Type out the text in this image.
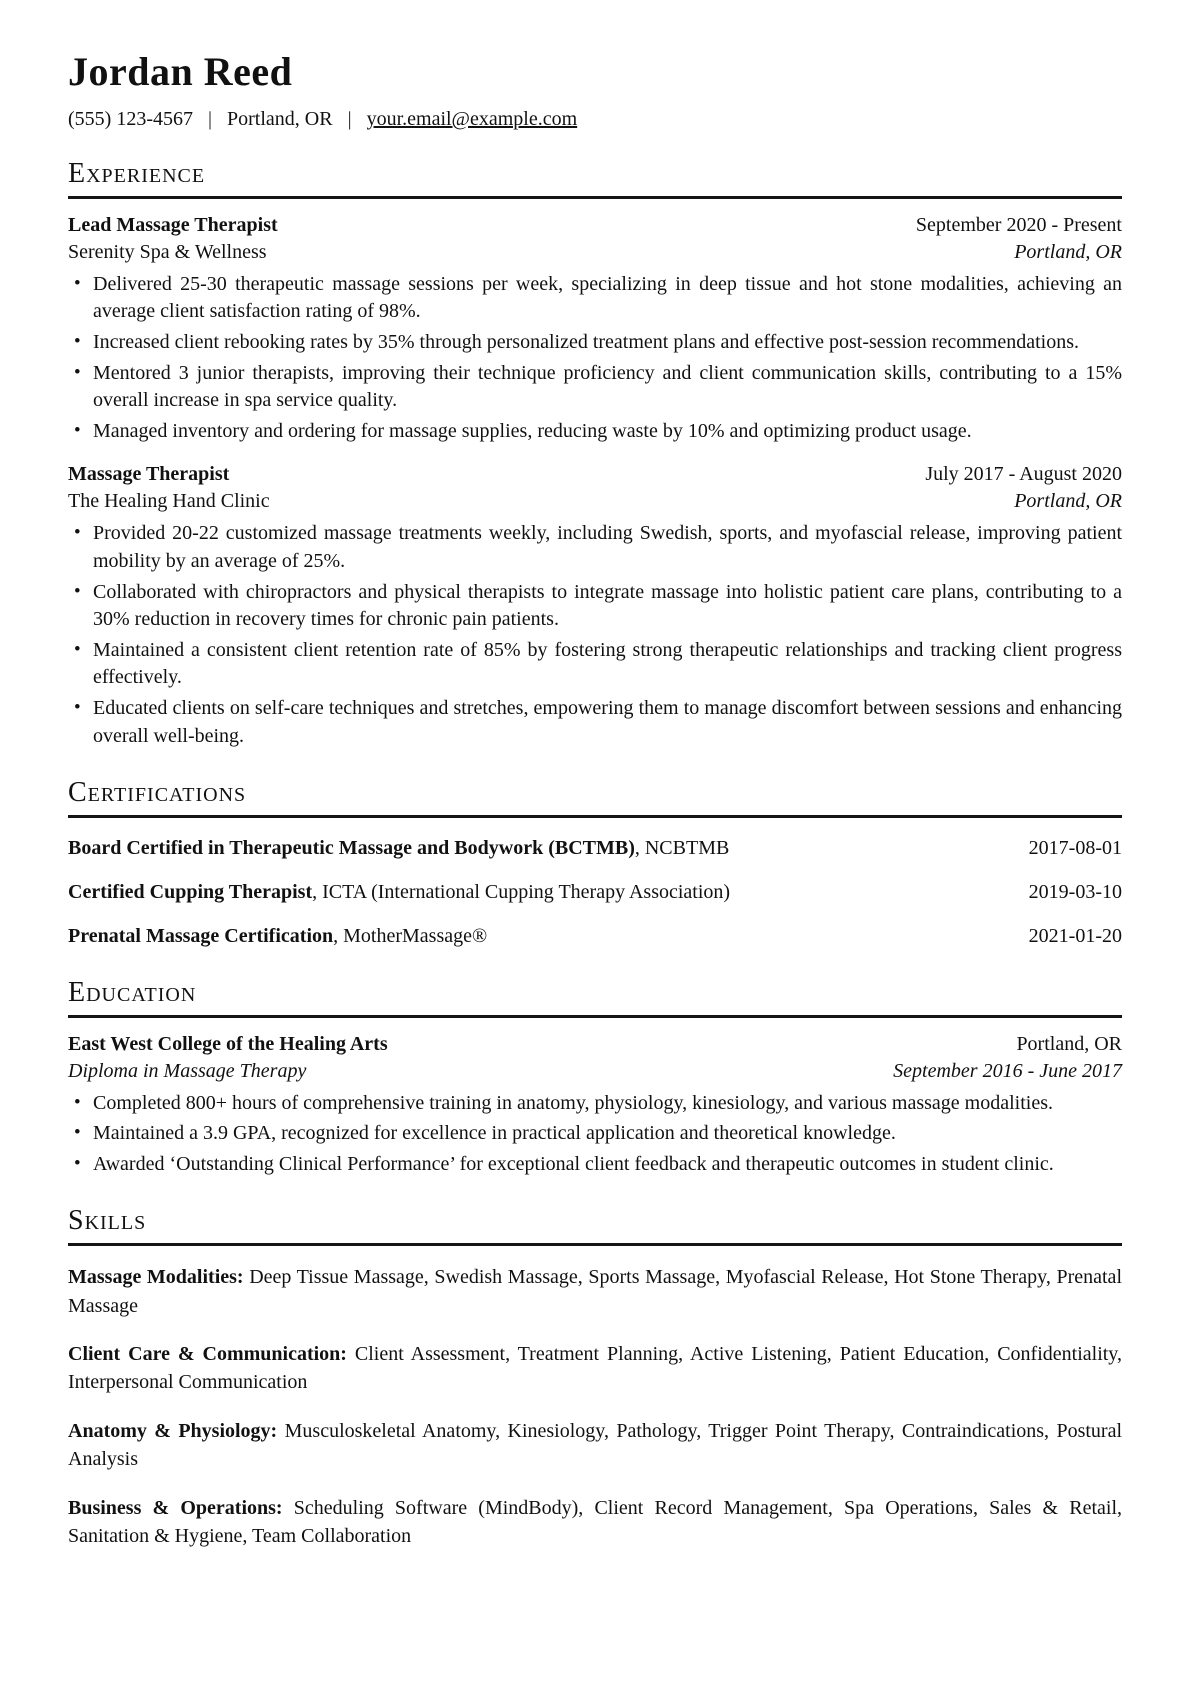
Jordan Reed
(555) 123-4567 | Portland, OR | your.email@example.com
Experience
Lead Massage Therapist	September 2020 - Present
Serenity Spa & Wellness	Portland, OR
• Delivered 25-30 therapeutic massage sessions per week, specializing in deep tissue and hot stone modalities, achieving an average client satisfaction rating of 98%.
• Increased client rebooking rates by 35% through personalized treatment plans and effective post-session recommendations.
• Mentored 3 junior therapists, improving their technique proficiency and client communication skills, contributing to a 15% overall increase in spa service quality.
• Managed inventory and ordering for massage supplies, reducing waste by 10% and optimizing product usage.
Massage Therapist	July 2017 - August 2020
The Healing Hand Clinic	Portland, OR
• Provided 20-22 customized massage treatments weekly, including Swedish, sports, and myofascial release, improving patient mobility by an average of 25%.
• Collaborated with chiropractors and physical therapists to integrate massage into holistic patient care plans, contributing to a 30% reduction in recovery times for chronic pain patients.
• Maintained a consistent client retention rate of 85% by fostering strong therapeutic relationships and tracking client progress effectively.
• Educated clients on self-care techniques and stretches, empowering them to manage discomfort between sessions and enhancing overall well-being.
Certifications
Board Certified in Therapeutic Massage and Bodywork (BCTMB), NCBTMB	2017-08-01
Certified Cupping Therapist, ICTA (International Cupping Therapy Association)	2019-03-10
Prenatal Massage Certification, MotherMassage®	2021-01-20
Education
East West College of the Healing Arts	Portland, OR
Diploma in Massage Therapy	September 2016 - June 2017
• Completed 800+ hours of comprehensive training in anatomy, physiology, kinesiology, and various massage modalities.
• Maintained a 3.9 GPA, recognized for excellence in practical application and theoretical knowledge.
• Awarded ‘Outstanding Clinical Performance’ for exceptional client feedback and therapeutic outcomes in student clinic.
Skills

Massage Modalities: Deep Tissue Massage, Swedish Massage, Sports Massage, Myofascial Release, Hot Stone Therapy, Prenatal Massage

Client Care & Communication: Client Assessment, Treatment Planning, Active Listening, Patient Education, Confidentiality, Interpersonal Communication

Anatomy & Physiology: Musculoskeletal Anatomy, Kinesiology, Pathology, Trigger Point Therapy, Contraindications, Postural Analysis

Business & Operations: Scheduling Software (MindBody), Client Record Management, Spa Operations, Sales & Retail, Sanitation & Hygiene, Team Collaboration
